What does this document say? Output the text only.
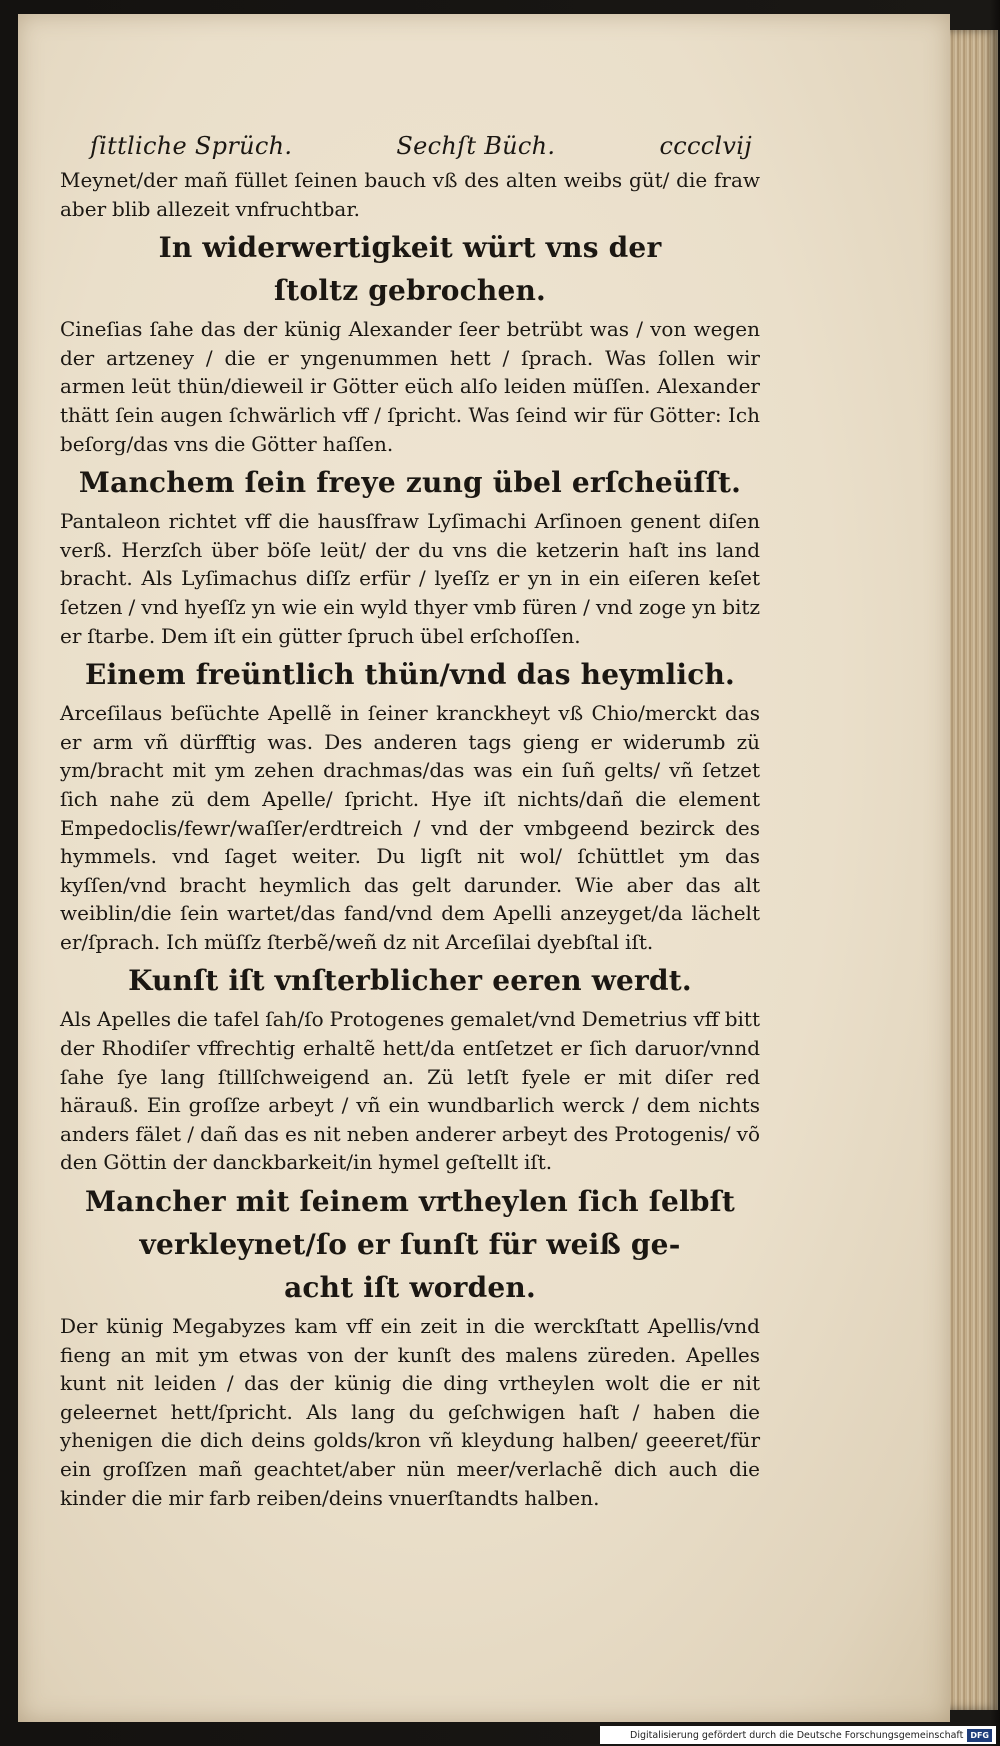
ſittliche Sprüch.	Sechſt Büch.	cccclvij

Meynet/der mañ füllet ſeinen bauch vß des alten weibs güt/ die fraw aber blib allezeit vnfruchtbar.

In widerwertigkeit würt vns der
ſtoltz gebrochen.

Cineſias ſahe das der künig Alexander ſeer betrübt was / von wegen der artzeney / die er yngenummen hett / ſprach. Was ſollen wir armen leüt thün/dieweil ir Götter eüch alſo leiden müſſen. Alexander thätt ſein augen ſchwärlich vff / ſpricht. Was ſeind wir für Götter: Ich beſorg/das vns die Götter haſſen.

Manchem ſein freye zung übel erſcheüſſt.

Pantaleon richtet vff die hausſfraw Lyſimachi Arſinoen genent diſen verß. Herzſch über böſe leüt/ der du vns die ketzerin haſt ins land bracht. Als Lyſimachus diſſz erfür / lyeſſz er yn in ein eiſeren keſet ſetzen / vnd hyeſſz yn wie ein wyld thyer vmb füren / vnd zoge yn bitz er ſtarbe. Dem iſt ein gütter ſpruch übel erſchoſſen.

Einem freüntlich thün/vnd das heymlich.

Arceſilaus beſüchte Apellẽ in ſeiner kranckheyt vß Chio/merckt das er arm vñ dürfftig was. Des anderen tags gieng er widerumb zü ym/bracht mit ym zehen drachmas/das was ein ſuñ gelts/ vñ ſetzet ſich nahe zü dem Apelle/ ſpricht. Hye iſt nichts/dañ die element Empedoclis/fewr/waſſer/erdtreich / vnd der vmbgeend bezirck des hymmels. vnd ſaget weiter. Du ligſt nit wol/ ſchüttlet ym das kyſſen/vnd bracht heymlich das gelt darunder. Wie aber das alt weiblin/die ſein wartet/das fand/vnd dem Apelli anzeyget/da lächelt er/ſprach. Ich müſſz ſterbẽ/weñ dz nit Arceſilai dyebſtal iſt.

Kunſt iſt vnſterblicher eeren werdt.

Als Apelles die tafel ſah/ſo Protogenes gemalet/vnd Demetrius vff bitt der Rhodiſer vffrechtig erhaltẽ hett/da entſetzet er ſich daruor/vnnd ſahe ſye lang ſtillſchweigend an. Zü letſt fyele er mit diſer red härauß. Ein groſſze arbeyt / vñ ein wundbarlich werck / dem nichts anders fälet / dañ das es nit neben anderer arbeyt des Protogenis/ võ den Göttin der danckbarkeit/in hymel geſtellt iſt.

Mancher mit ſeinem vrtheylen ſich ſelbſt
verkleynet/ſo er ſunſt für weiß ge-
acht iſt worden.

Der künig Megabyzes kam vff ein zeit in die werckſtatt Apellis/vnd fieng an mit ym etwas von der kunſt des malens züreden. Apelles kunt nit leiden / das der künig die ding vrtheylen wolt die er nit geleernet hett/ſpricht. Als lang du geſchwigen haſt / haben die yhenigen die dich deins golds/kron vñ kleydung halben/ geeeret/für ein groſſzen mañ geachtet/aber nün meer/verlachẽ dich auch die kinder die mir farb reiben/deins vnuerſtandts halben.

Digitalisierung gefördert durch die Deutsche Forschungsgemeinschaft DFG
